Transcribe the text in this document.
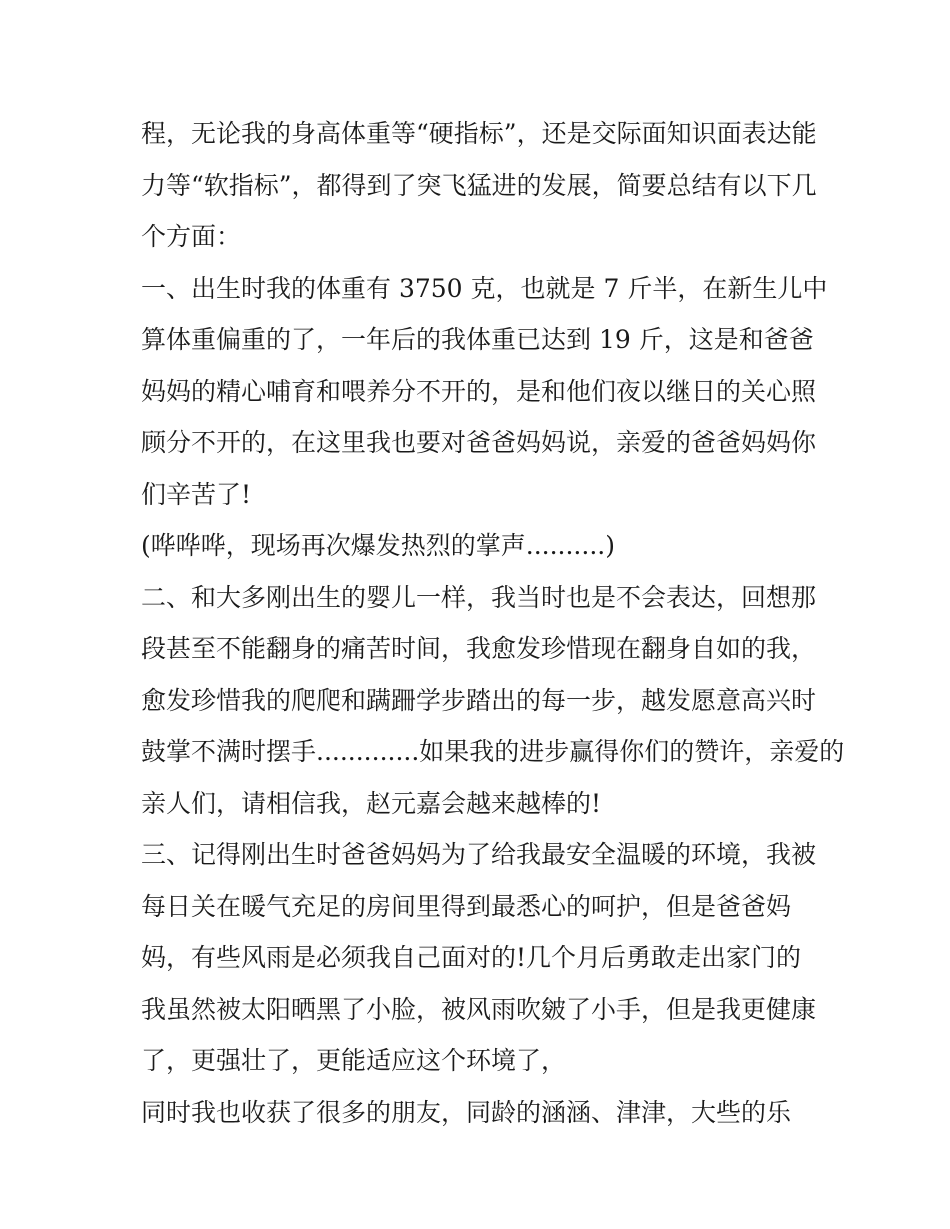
程，无论我的身高体重等“硬指标”，还是交际面知识面表达能
力等“软指标”，都得到了突飞猛进的发展，简要总结有以下几
个方面：
一、出生时我的体重有 3750 克，也就是 7 斤半，在新生儿中
算体重偏重的了，一年后的我体重已达到 19 斤，这是和爸爸
妈妈的精心哺育和喂养分不开的，是和他们夜以继日的关心照
顾分不开的，在这里我也要对爸爸妈妈说，亲爱的爸爸妈妈你
们辛苦了!
(哗哗哗，现场再次爆发热烈的掌声..........)
二、和大多刚出生的婴儿一样，我当时也是不会表达，回想那
段甚至不能翻身的痛苦时间，我愈发珍惜现在翻身自如的我，
愈发珍惜我的爬爬和蹒跚学步踏出的每一步，越发愿意高兴时
鼓掌不满时摆手.............如果我的进步赢得你们的赞许，亲爱的
亲人们，请相信我，赵元嘉会越来越棒的!
三、记得刚出生时爸爸妈妈为了给我最安全温暖的环境，我被
每日关在暖气充足的房间里得到最悉心的呵护，但是爸爸妈
妈，有些风雨是必须我自己面对的!几个月后勇敢走出家门的
我虽然被太阳晒黑了小脸，被风雨吹皴了小手，但是我更健康
了，更强壮了，更能适应这个环境了，
同时我也收获了很多的朋友，同龄的涵涵、津津，大些的乐
